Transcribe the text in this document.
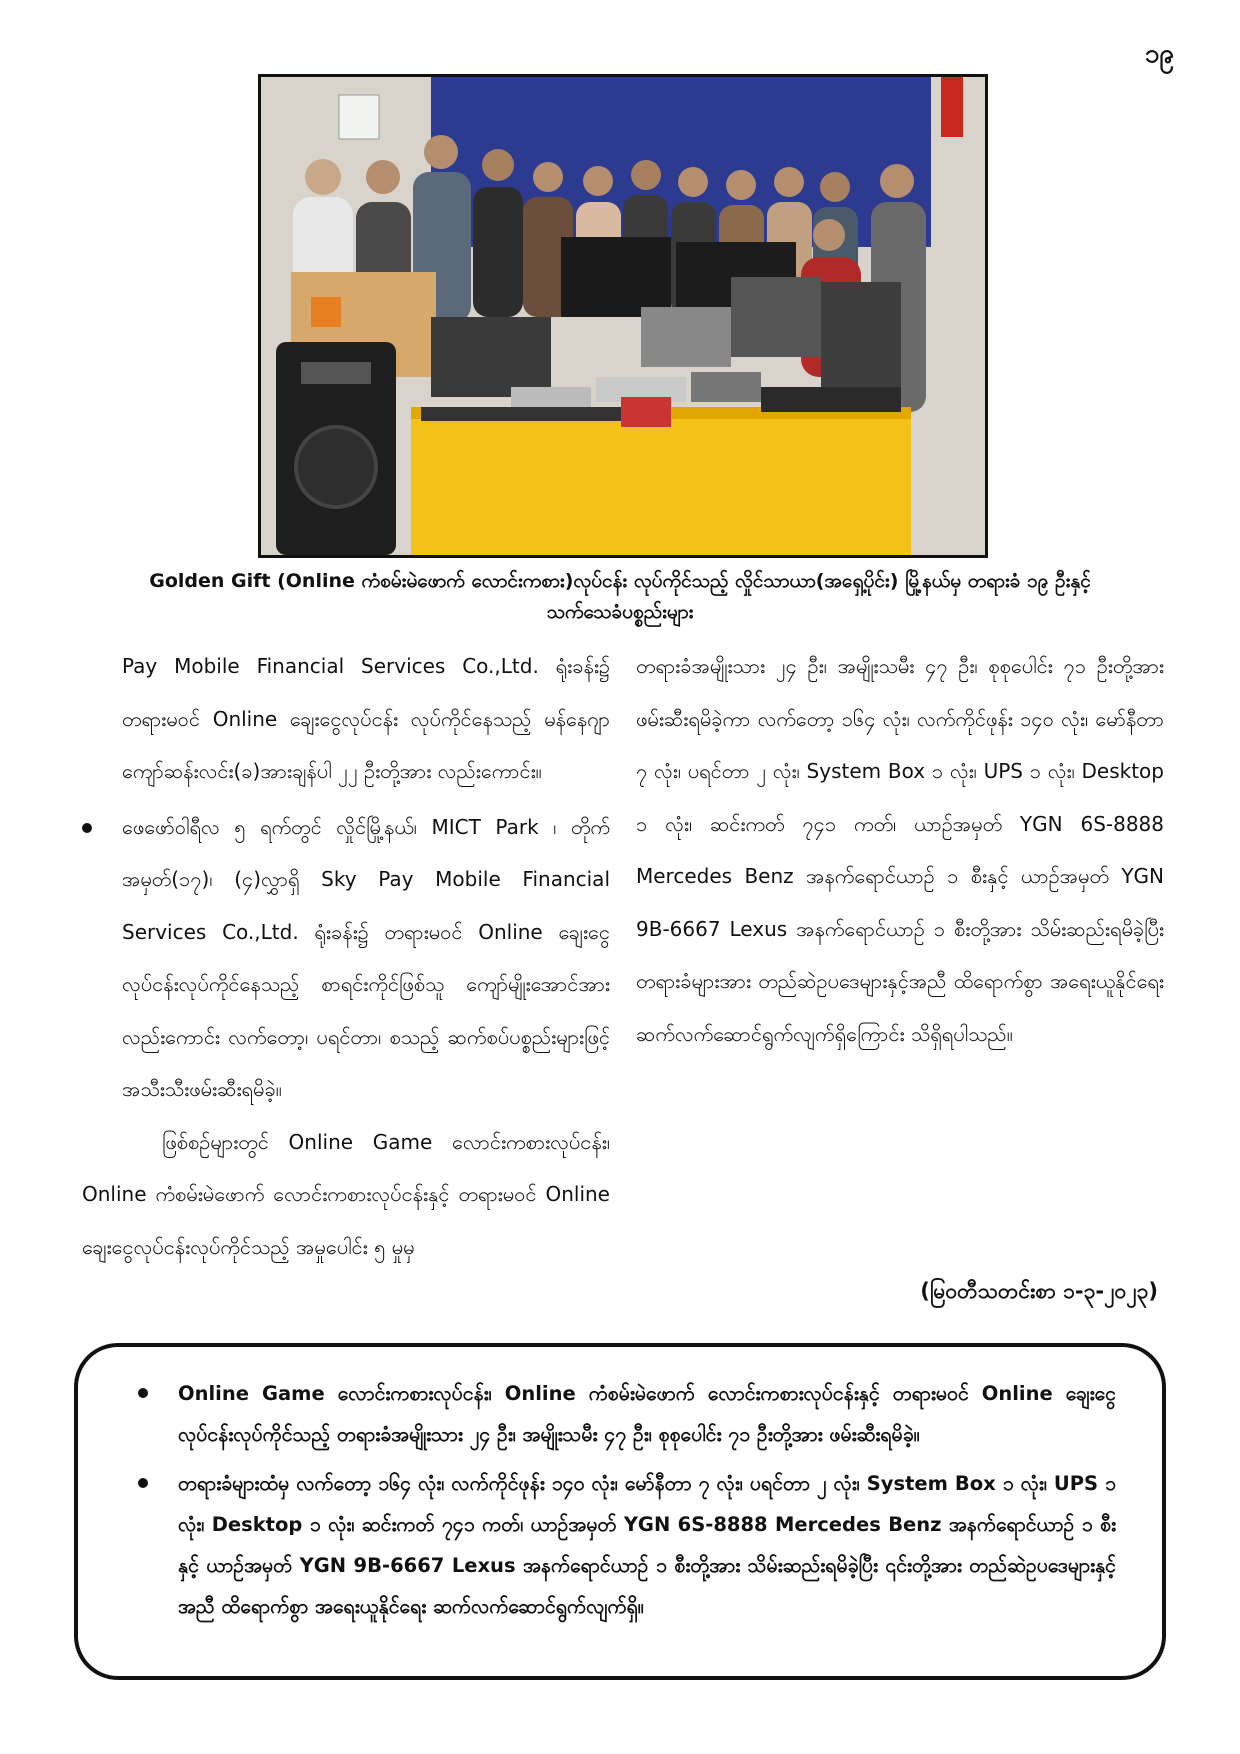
၁၉
Golden Gift (Online ကံစမ်းမဲဖောက် လောင်းကစား)လုပ်ငန်း လုပ်ကိုင်သည့် လှိုင်သာယာ(အရှေ့ပိုင်း) မြို့နယ်မှ တရားခံ ၁၉ ဦးနှင့်
သက်သေခံပစ္စည်းများ

Pay Mobile Financial Services Co.,Ltd. ရုံးခန်း၌ တရားမဝင် Online ချေးငွေလုပ်ငန်း လုပ်ကိုင်နေသည့် မန်နေဂျာ ကျော်ဆန်းလင်း(ခ)အားချန်ပါ ၂၂ ဦးတို့အား လည်းကောင်း။

ဖေဖော်ဝါရီလ ၅ ရက်တွင် လှိုင်မြို့နယ်၊ MICT Park ၊ တိုက်အမှတ်(၁၇)၊ (၄)လွှာရှိ Sky Pay Mobile Financial Services Co.,Ltd. ရုံးခန်း၌ တရားမဝင် Online ချေးငွေလုပ်ငန်းလုပ်ကိုင်နေသည့် စာရင်းကိုင်ဖြစ်သူ ကျော်မျိုးအောင်အားလည်းကောင်း လက်တော့၊ ပရင်တာ၊ စသည့် ဆက်စပ်ပစ္စည်းများဖြင့် အသီးသီးဖမ်းဆီးရမိခဲ့။

ဖြစ်စဉ်များတွင် Online Game လောင်းကစားလုပ်ငန်း၊ Online ကံစမ်းမဲဖောက် လောင်းကစားလုပ်ငန်းနှင့် တရားမဝင် Online ချေးငွေလုပ်ငန်းလုပ်ကိုင်သည့် အမှုပေါင်း ၅ မှုမှ

တရားခံအမျိုးသား ၂၄ ဦး၊ အမျိုးသမီး ၄၇ ဦး၊ စုစုပေါင်း ၇၁ ဦးတို့အား ဖမ်းဆီးရမိခဲ့ကာ လက်တော့ ၁၆၄ လုံး၊ လက်ကိုင်ဖုန်း ၁၄၀ လုံး၊ မော်နီတာ ၇ လုံး၊ ပရင်တာ ၂ လုံး၊ System Box ၁ လုံး၊ UPS ၁ လုံး၊ Desktop ၁ လုံး၊ ဆင်းကတ် ၇၄၁ ကတ်၊ ယာဉ်အမှတ် YGN 6S-8888 Mercedes Benz အနက်ရောင်ယာဉ် ၁ စီးနှင့် ယာဉ်အမှတ် YGN 9B-6667 Lexus အနက်ရောင်ယာဉ် ၁ စီးတို့အား သိမ်းဆည်းရမိခဲ့ပြီး တရားခံများအား တည်ဆဲဥပဒေများနှင့်အညီ ထိရောက်စွာ အရေးယူနိုင်ရေး ဆက်လက်ဆောင်ရွက်လျက်ရှိကြောင်း သိရှိရပါသည်။

(မြဝတီသတင်းစာ ၁-၃-၂၀၂၃)
Online Game လောင်းကစားလုပ်ငန်း၊ Online ကံစမ်းမဲဖောက် လောင်းကစားလုပ်ငန်းနှင့် တရားမဝင် Online ချေးငွေ လုပ်ငန်းလုပ်ကိုင်သည့် တရားခံအမျိုးသား ၂၄ ဦး၊ အမျိုးသမီး ၄၇ ဦး၊ စုစုပေါင်း ၇၁ ဦးတို့အား ဖမ်းဆီးရမိခဲ့။
တရားခံများထံမှ လက်တော့ ၁၆၄ လုံး၊ လက်ကိုင်ဖုန်း ၁၄၀ လုံး၊ မော်နီတာ ၇ လုံး၊ ပရင်တာ ၂ လုံး၊ System Box ၁ လုံး၊ UPS ၁ လုံး၊ Desktop ၁ လုံး၊ ဆင်းကတ် ၇၄၁ ကတ်၊ ယာဉ်အမှတ် YGN 6S-8888 Mercedes Benz အနက်ရောင်ယာဉ် ၁ စီးနှင့် ယာဉ်အမှတ် YGN 9B-6667 Lexus အနက်ရောင်ယာဉ် ၁ စီးတို့အား သိမ်းဆည်းရမိခဲ့ပြီး ၎င်းတို့အား တည်ဆဲဥပဒေများနှင့်အညီ ထိရောက်စွာ အရေးယူနိုင်ရေး ဆက်လက်ဆောင်ရွက်လျက်ရှိ။
